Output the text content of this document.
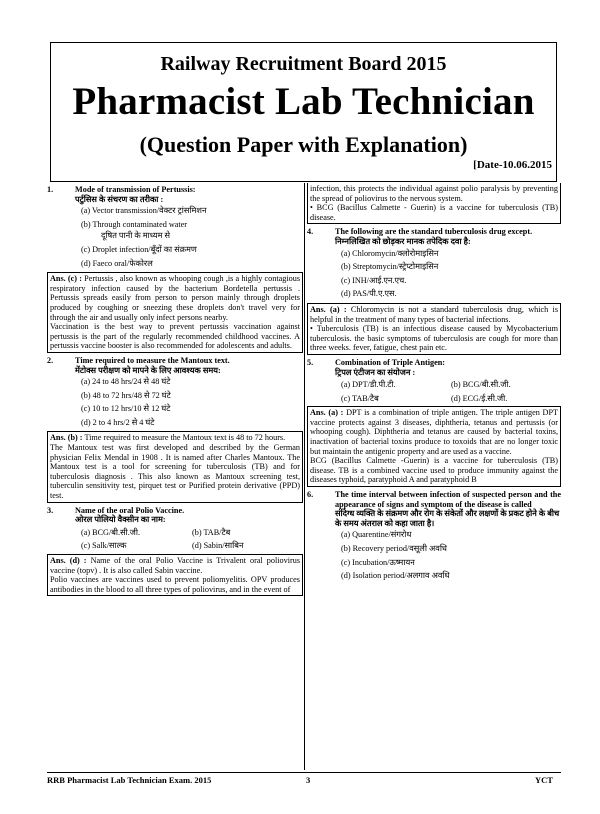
Railway Recruitment Board 2015
Pharmacist Lab Technician
(Question Paper with Explanation)
[Date-10.06.2015
1.	Mode of transmission of Pertussis:
पर्टुसिस के संचरण का तरीका :
(a) Vector transmission/वेक्टर ट्रांसमिशन
(b) Through contaminated water
दूषित पानी के माध्यम से
(c) Droplet infection/बूँदों का संक्रमण
(d) Faeco oral/फेकोरल

Ans. (c) : Pertussis , also known as whooping cough ,is a highly contagious respiratory infection caused by the bacterium Bordetella pertussis . Pertussis spreads easily from person to person mainly through droplets produced by coughing or sneezing these droplets don't travel very for through the air and usually only infect persons nearby.

Vaccination is the best way to prevent pertussis vaccination against pertussis is the part of the regularly recommended childhood vaccines. A pertussis vaccine booster is also recommended for adolescents and adults.

2.	Time required to measure the Mantoux text.
मेंटोक्स परीक्षण को मापने के लिए आवश्यक समय:
(a) 24 to 48 hrs/24 से 48 घंटे
(b) 48 to 72 hrs/48 से 72 घंटे
(c) 10 to 12 hrs/10 से 12 घंटे
(d) 2 to 4 hrs/2 से 4 घंटे

Ans. (b) : Time required to measure the Mantoux text is 48 to 72 hours.

The Mantoux test was first developed and described by the German physician Felix Mendal in 1908 . It is named after Charles Mantoux. The Mantoux test is a tool for screening for tuberculosis (TB) and for tuberculosis diagnosis . This also known as Mantoux screening test, tuberculin sensitivity test, pirquet test or Purified protein derivative (PPD) test.

3.	Name of the oral Polio Vaccine.
ओरल पोलियो वैक्सीन का नाम:
(a) BCG/बी.सी.जी.	(b) TAB/टैब
(c) Salk/साल्क	(d) Sabin/साबिन

Ans. (d) : Name of the oral Polio Vaccine is Trivalent oral poliovirus vaccine (topv) . It is also called Sabin vaccine.

Polio vaccines are vaccines used to prevent poliomyelitis. OPV produces antibodies in the blood to all three types of poliovirus, and in the event of

infection, this protects the individual against polio paralysis by preventing the spread of poliovirus to the nervous system.

• BCG (Bacillus Calmette - Guerin) is a vaccine for tuberculosis (TB) disease.

4.	The following are the standard tuberculosis drug except.
निम्नलिखित को छोड़कर मानक तपेदिक दवा है:
(a) Chloromycin/क्लोरोमाइसिन
(b) Streptomycin/स्ट्रेप्टोमाइसिन
(c) INH/आई.एन.एच.
(d) PAS/पी.ए.एस.

Ans. (a) : Chloromycin is not a standard tuberculosis drug, which is helpful in the treatment of many types of bacterial infections.

• Tuberculosis (TB) is an infectious disease caused by Mycobacterium tuberculosis. the basic symptoms of tuberculosis are cough for more than three weeks. fever, fatigue, chest pain etc.

5.	Combination of Triple Antigen:
ट्रिपल एंटीजन का संयोजन :
(a) DPT/डी.पी.टी.	(b) BCG/बी.सी.जी.
(c) TAB/टैब	(d) ECG/ई.सी.जी.

Ans. (a) : DPT is a combination of triple antigen. The triple antigen DPT vaccine protects against 3 diseases, diphtheria, tetanus and pertussis (or whooping cough). Diphtheria and tetanus are caused by bacterial toxins, inactivation of bacterial toxins produce to toxoids that are no longer toxic but maintain the antigenic property and are used as a vaccine.

BCG (Bacillus Calmette -Guerin) is a vaccine for tuberculosis (TB) disease. TB is a combined vaccine used to produce immunity against the diseases typhoid, paratyphoid A and paratyphoid B

6.	The time interval between infection of suspected person and the appearance of signs and symptom of the disease is called
संदिग्ध व्यक्ति के संक्रमण और रोग के संकेतों और लक्षणों के प्रकट होने के बीच के समय अंतराल को कहा जाता है।
(a) Quarentine/संगरोध
(b) Recovery period/वसूली अवधि
(c) Incubation/ऊष्मायन
(d) Isolation period/अलगाव अवधि
RRB Pharmacist Lab Technician Exam. 2015	3	YCT
